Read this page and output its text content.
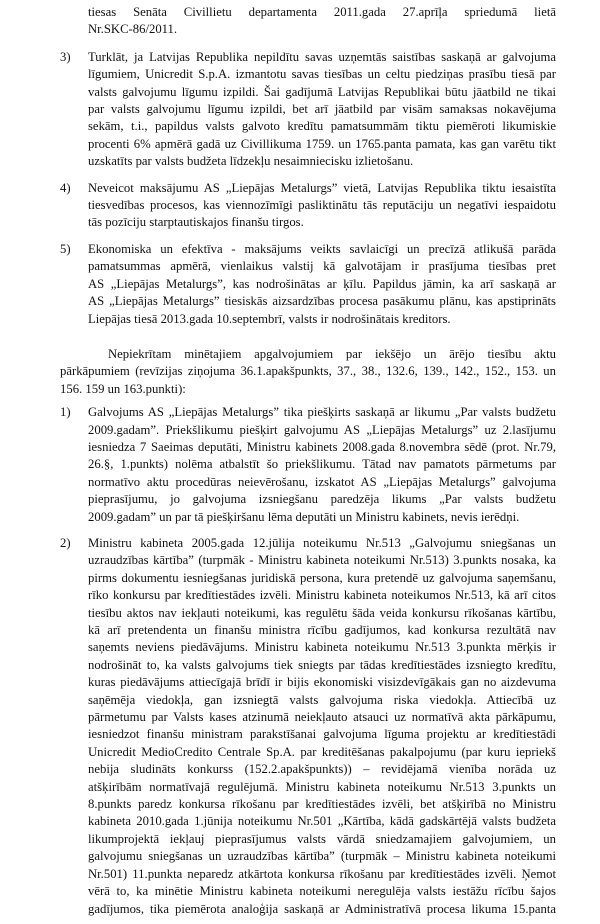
tiesas Senāta Civillietu departamenta 2011.gada 27.aprīļa spriedumā lietā
Nr.SKC-86/2011.
3) Turklāt, ja Latvijas Republika nepildītu savas uzņemtās saistības saskaņā ar galvojuma
līgumiem, Unicredit S.p.A. izmantotu savas tiesības un celtu piedziņas prasību tiesā par
valsts galvojumu līgumu izpildi. Šai gadījumā Latvijas Republikai būtu jāatbild ne tikai
par valsts galvojumu līgumu izpildi, bet arī jāatbild par visām samaksas nokavējuma
sekām, t.i., papildus valsts galvoto kredītu pamatsummām tiktu piemēroti likumiskie
procenti 6% apmērā gadā uz Civillikuma 1759. un 1765.panta pamata, kas gan varētu tikt
uzskatīts par valsts budžeta līdzekļu nesaimniecisku izlietošanu.
4) Neveicot maksājumu AS „Liepājas Metalurgs” vietā, Latvijas Republika tiktu iesaistīta
tiesvedības procesos, kas viennozīmīgi pasliktinātu tās reputāciju un negatīvi iespaidotu
tās pozīciju starptautiskajos finanšu tirgos.
5) Ekonomiska un efektīva - maksājums veikts savlaicīgi un precīzā atlikušā parāda
pamatsummas apmērā, vienlaikus valstij kā galvotājam ir prasījuma tiesības pret
AS „Liepājas Metalurgs”, kas nodrošinātas ar ķīlu. Papildus jāmin, ka arī saskaņā ar
AS „Liepājas Metalurgs” tiesiskās aizsardzības procesa pasākumu plānu, kas apstiprināts
Liepājas tiesā 2013.gada 10.septembrī, valsts ir nodrošinātais kreditors.
Nepiekrītam minētajiem apgalvojumiem par iekšējo un ārējo tiesību aktu
pārkāpumiem (revīzijas ziņojuma 36.1.apakšpunkts, 37., 38., 132.6, 139., 142., 152., 153. un
156. 159 un 163.punkti):
1) Galvojums AS „Liepājas Metalurgs” tika piešķirts saskaņā ar likumu „Par valsts budžetu
2009.gadam”. Priekšlikumu piešķirt galvojumu AS „Liepājas Metalurgs” uz 2.lasījumu
iesniedza 7 Saeimas deputāti, Ministru kabinets 2008.gada 8.novembra sēdē (prot. Nr.79,
26.§, 1.punkts) nolēma atbalstīt šo priekšlikumu. Tātad nav pamatots pārmetums par
normatīvo aktu procedūras neievērošanu, izskatot AS „Liepājas Metalurgs” galvojuma
pieprasījumu, jo galvojuma izsniegšanu paredzēja likums „Par valsts budžetu
2009.gadam” un par tā piešķiršanu lēma deputāti un Ministru kabinets, nevis ierēdņi.
2) Ministru kabineta 2005.gada 12.jūlija noteikumu Nr.513 „Galvojumu sniegšanas un
uzraudzības kārtība” (turpmāk - Ministru kabineta noteikumi Nr.513) 3.punkts nosaka, ka
pirms dokumentu iesniegšanas juridiskā persona, kura pretendē uz galvojuma saņemšanu,
rīko konkursu par kredītiestādes izvēli. Ministru kabineta noteikumos Nr.513, kā arī citos
tiesību aktos nav iekļauti noteikumi, kas regulētu šāda veida konkursu rīkošanas kārtību,
kā arī pretendenta un finanšu ministra rīcību gadījumos, kad konkursa rezultātā nav
saņemts neviens piedāvājums. Ministru kabineta noteikumu Nr.513 3.punkta mērķis ir
nodrošināt to, ka valsts galvojums tiek sniegts par tādas kredītiestādes izsniegto kredītu,
kuras piedāvājums attiecīgajā brīdī ir bijis ekonomiski visizdevīgākais gan no aizdevuma
saņēmēja viedokļa, gan izsniegtā valsts galvojuma riska viedokļa. Attiecībā uz
pārmetumu par Valsts kases atzinumā neiekļauto atsauci uz normatīvā akta pārkāpumu,
iesniedzot finanšu ministram parakstīšanai galvojuma līguma projektu ar kredītiestādi
Unicredit MedioCredito Centrale Sp.A. par kreditēšanas pakalpojumu (par kuru iepriekš
nebija sludināts konkurss (152.2.apakšpunkts)) – revidējamā vienība norāda uz
atšķirībām normatīvajā regulējumā. Ministru kabineta noteikumu Nr.513 3.punkts un
8.punkts paredz konkursa rīkošanu par kredītiestādes izvēli, bet atšķirībā no Ministru
kabineta 2010.gada 1.jūnija noteikumu Nr.501 „Kārtība, kādā gadskārtējā valsts budžeta
likumprojektā iekļauj pieprasījumus valsts vārdā sniedzamajiem galvojumiem, un
galvojumu sniegšanas un uzraudzības kārtība” (turpmāk – Ministru kabineta noteikumi
Nr.501) 11.punkta neparedz atkārtota konkursa rīkošanu par kredītiestādes izvēli. Ņemot
vērā to, ka minētie Ministru kabineta noteikumi neregulēja valsts iestāžu rīcību šajos
gadījumos, tika piemērota analoģija saskaņā ar Administratīvā procesa likuma 15.panta
